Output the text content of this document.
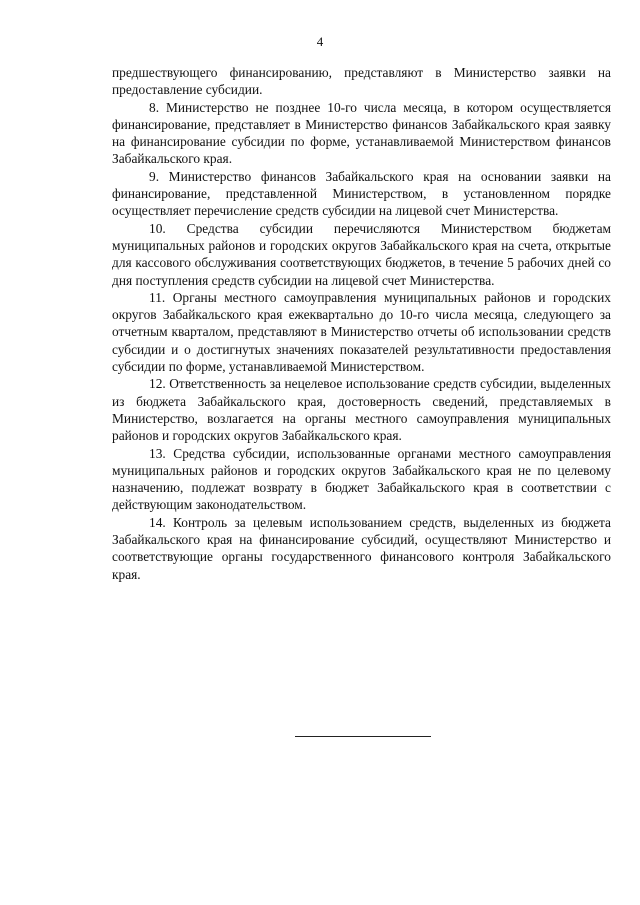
4

предшествующего финансированию, представляют в Министерство заявки на предоставление субсидии.

8. Министерство не позднее 10-го числа месяца, в котором осуществляется финансирование, представляет в Министерство финансов Забайкальского края заявку на финансирование субсидии по форме, устанавливаемой Министерством финансов Забайкальского края.

9. Министерство финансов Забайкальского края на основании заявки на финансирование, представленной Министерством, в установленном порядке осуществляет перечисление средств субсидии на лицевой счет Министерства.

10. Средства субсидии перечисляются Министерством бюджетам муниципальных районов и городских округов Забайкальского края на счета, открытые для кассового обслуживания соответствующих бюджетов, в течение 5 рабочих дней со дня поступления средств субсидии на лицевой счет Министерства.

11. Органы местного самоуправления муниципальных районов и городских округов Забайкальского края ежеквартально до 10-го числа месяца, следующего за отчетным кварталом, представляют в Министерство отчеты об использовании средств субсидии и о достигнутых значениях показателей результативности предоставления субсидии по форме, устанавливаемой Министерством.

12. Ответственность за нецелевое использование средств субсидии, выделенных из бюджета Забайкальского края, достоверность сведений, представляемых в Министерство, возлагается на органы местного самоуправления муниципальных районов и городских округов Забайкальского края.

13. Средства субсидии, использованные органами местного самоуправления муниципальных районов и городских округов Забайкальского края не по целевому назначению, подлежат возврату в бюджет Забайкальского края в соответствии с действующим законодательством.

14. Контроль за целевым использованием средств, выделенных из бюджета Забайкальского края на финансирование субсидий, осуществляют Министерство и соответствующие органы государственного финансового контроля Забайкальского края.
